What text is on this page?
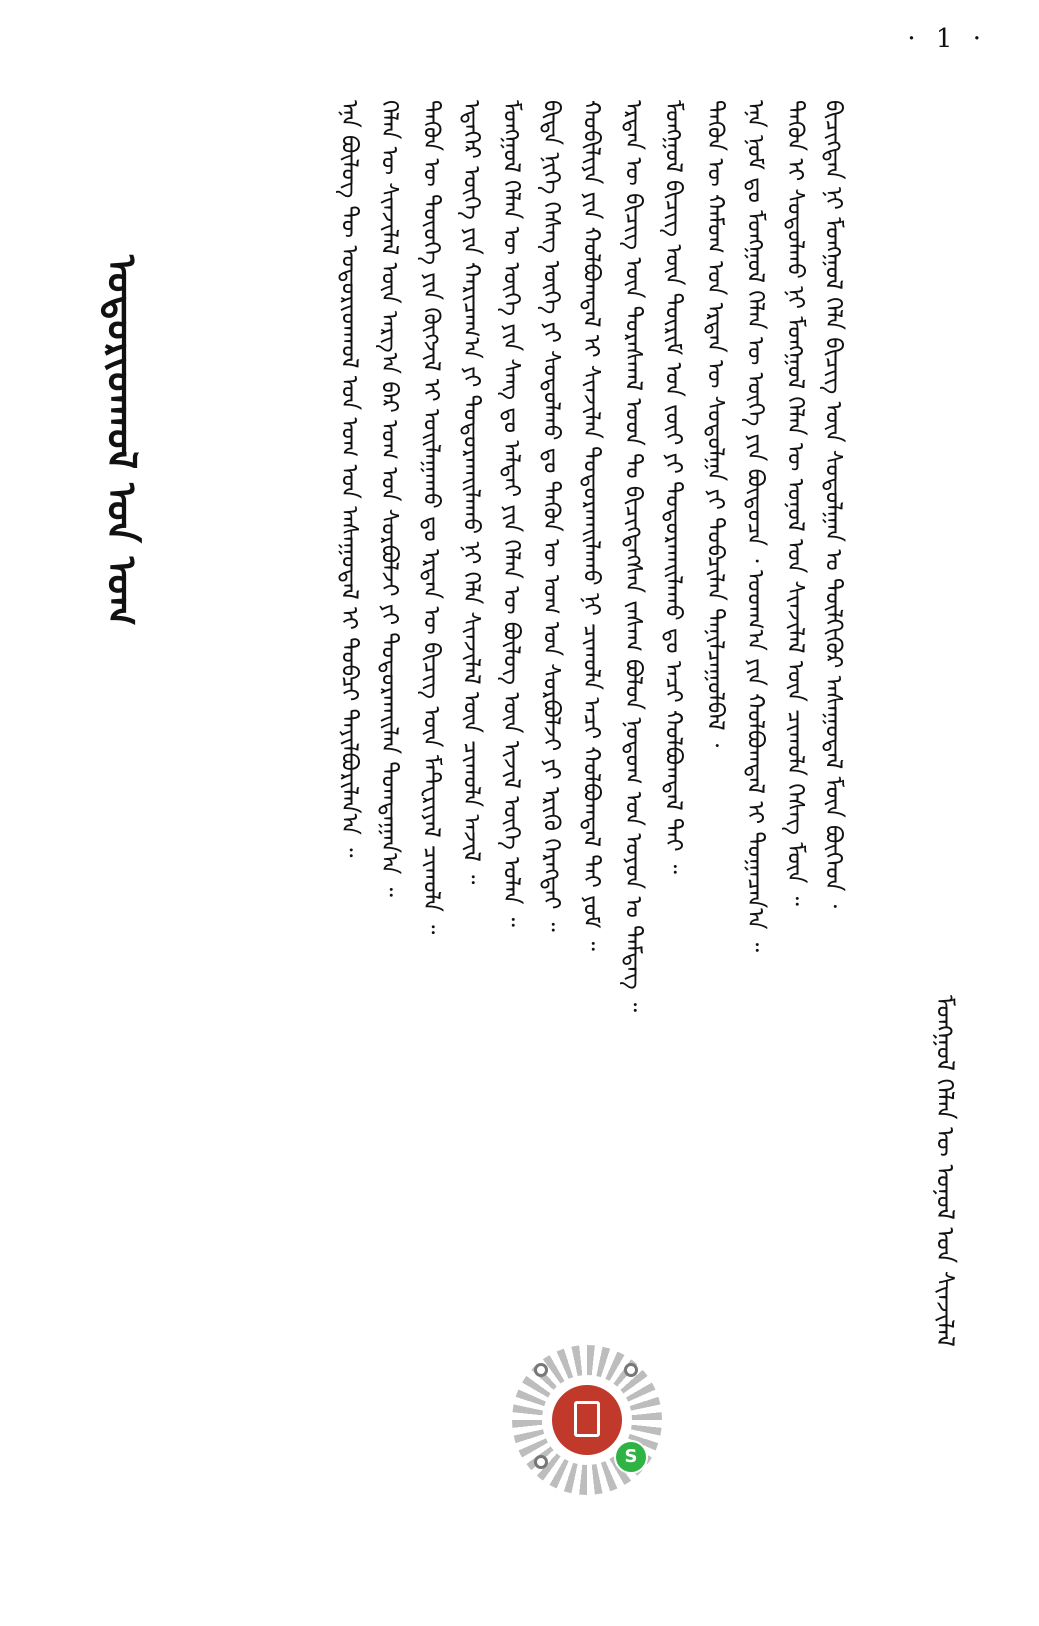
· 1 ·
ᠮᠣᠩᠭᠣᠯ ᠬᠡᠯᠡᠨ ᠦ ᠣᠨᠣᠯ ᠤᠨ ᠰᠢᠨᠵᠢᠯᠡᠯ
ᠤᠳᠤᠷᠢᠳᠬᠤᠯ ᠤᠨ ᠤᠭ	ᠪᠢᠴᠢᠭᠳᠡᠨ ᠨᠢ ᠮᠣᠩᠭᠣᠯ ᠬᠡᠯᠡ ᠪᠢᠴᠢᠭ ᠦᠨ ᠰᠤᠳᠤᠯᠭᠠᠨ ᠤ ᠲᠦᠯᠬᠢᠭᠦᠷ ᠠᠰᠠᠭᠤᠳᠠᠯ ᠮᠥᠨ ᠪᠥᠭᠡᠳ ᠂
ᠲᠡᠭᠦᠨ ᠢ ᠰᠤᠳᠤᠯᠬᠤ ᠨᠢ ᠮᠣᠩᠭᠣᠯ ᠬᠡᠯᠡᠨ ᠦ ᠣᠨᠣᠯ ᠤᠨ ᠰᠢᠨᠵᠢᠯᠡᠯ ᠦᠨ ᠴᠢᠬᠤᠯᠠ ᠬᠡᠰᠡᠭ ᠮᠥᠨ ᠃
ᠡᠨᠡ ᠨᠣᠮ ᠳᠤ ᠮᠣᠩᠭᠣᠯ ᠬᠡᠯᠡᠨ ᠦ ᠦᠭᠡ ᠶᠢᠨ ᠪᠦᠲᠦᠴᠡ ᠂ ᠤᠳᠬ᠎ᠠ ᠶᠢᠨ ᠬᠣᠯᠪᠣᠭᠳᠠᠯ ᠢ ᠲᠣᠭᠠᠴᠠᠨ᠎ᠠ ᠃
ᠲᠡᠭᠦᠨ ᠦ ᠬᠠᠮᠤᠭ ᠤᠨ ᠡᠷᠲᠡᠨ ᠦ ᠰᠤᠳᠤᠯᠭᠠ ᠶᠢ ᠲᠣᠪᠴᠢᠯᠠᠨ ᠲᠠᠨᠢᠯᠴᠠᠭᠤᠯᠪᠠᠯ ᠂
ᠮᠣᠩᠭᠣᠯ ᠪᠢᠴᠢᠭ ᠦᠨ ᠳᠦᠷᠢᠮ ᠤᠨ ᠵᠦᠢ ᠶᠢ ᠲᠣᠳᠣᠷᠬᠠᠢᠯᠠᠬᠤ ᠳᠤ ᠠᠴᠢ ᠬᠣᠯᠪᠣᠭᠳᠠᠯ ᠲᠠᠢ ᠃
ᠡᠷᠲᠡᠨ ᠦ ᠪᠢᠴᠢᠭ ᠦᠨ ᠳᠤᠷᠠᠰᠬᠠᠯ ᠤᠳ ᠲᠤ ᠪᠢᠴᠢᠭᠳᠡᠭᠰᠡᠨ ᠵᠠᠰᠠᠭ ᠪᠣᠯᠤᠨ ᠨᠤᠲᠤᠭ ᠤᠨ ᠣᠶᠤᠨ ᠤ ᠲᠡᠮᠳᠡᠭ ᠃
ᠬᠤᠪᠢᠯᠢᠶᠠ ᠶᠢᠨ ᠬᠣᠯᠪᠣᠭᠳᠠᠯ ᠢ ᠰᠢᠨᠵᠢᠯᠡᠨ ᠲᠣᠳᠣᠷᠬᠠᠢᠯᠠᠬᠤ ᠨᠢ ᠴᠢᠬᠤᠯᠠ ᠠᠴᠢ ᠬᠣᠯᠪᠣᠭᠳᠠᠯ ᠲᠠᠢ ᠶᠤᠮ ᠃
ᠪᠢᠳᠡ ᠨᠢᠭᠡ ᠬᠡᠰᠡᠭ ᠦᠭᠡ ᠶᠢ ᠰᠤᠳᠤᠯᠬᠤ ᠳᠤ ᠲᠡᠭᠦᠨ ᠦ ᠤᠭ ᠤᠨ ᠰᠤᠷᠪᠤᠯᠵᠢ ᠶᠢ ᠡᠷᠢᠬᠦ ᠬᠡᠷᠡᠭᠲᠡᠢ ᠃
ᠮᠣᠩᠭᠣᠯ ᠬᠡᠯᠡᠨ ᠦ ᠦᠭᠡ ᠶᠢᠨ ᠰᠠᠩ ᠳᠤ ᠠᠯᠳᠠᠢ ᠶᠢᠨ ᠬᠡᠯᠡᠨ ᠦ ᠪᠦᠯᠦᠭ ᠦᠨ ᠢᠵᠢᠯ ᠦᠭᠡ ᠣᠯᠠᠨ ᠃
ᠡᠳᠡᠭᠡᠷ ᠦᠭᠡ ᠶᠢᠨ ᠬᠠᠷᠢᠴᠠᠭ᠎ᠠ ᠶᠢ ᠲᠣᠳᠣᠷᠬᠠᠢᠯᠠᠬᠤ ᠨᠢ ᠬᠡᠯᠡ ᠰᠢᠨᠵᠢᠯᠡᠯ ᠦᠨ ᠴᠢᠬᠤᠯᠠ ᠠᠵᠢᠯ ᠃
ᠲᠡᠭᠦᠨ ᠦ ᠲᠦᠤᠬᠡ ᠶᠢᠨ ᠬᠥᠭᠵᠢᠯ ᠢ ᠣᠢᠯᠠᠭᠠᠬᠤ ᠳᠤ ᠡᠷᠲᠡᠨ ᠦ ᠪᠢᠴᠢᠭ ᠦᠨ ᠮᠠᠲᠸᠷᠢᠶᠠᠯ ᠴᠢᠬᠤᠯᠠ ᠃
ᠬᠡᠯᠡᠨ ᠦ ᠰᠢᠨᠵᠢᠯᠡᠯ ᠦᠨ ᠠᠷᠭ᠎ᠠ ᠪᠠᠷ ᠤᠭ ᠤᠨ ᠰᠤᠷᠪᠤᠯᠵᠢ ᠶᠢ ᠲᠣᠳᠣᠷᠬᠠᠢᠯᠠᠨ ᠲᠣᠭᠲᠠᠭᠠᠨ᠎ᠠ ᠃
ᠡᠨᠡ ᠪᠦᠯᠦᠭ ᠲᠦ ᠤᠳᠤᠷᠢᠳᠬᠤᠯ ᠤᠨ ᠤᠭ ᠤᠨ ᠠᠰᠠᠭᠤᠳᠠᠯ ᠢ ᠲᠣᠪᠴᠢ ᠲᠠᠶᠢᠯᠪᠤᠷᠢᠯᠠᠨ᠎ᠠ ᠃
S
